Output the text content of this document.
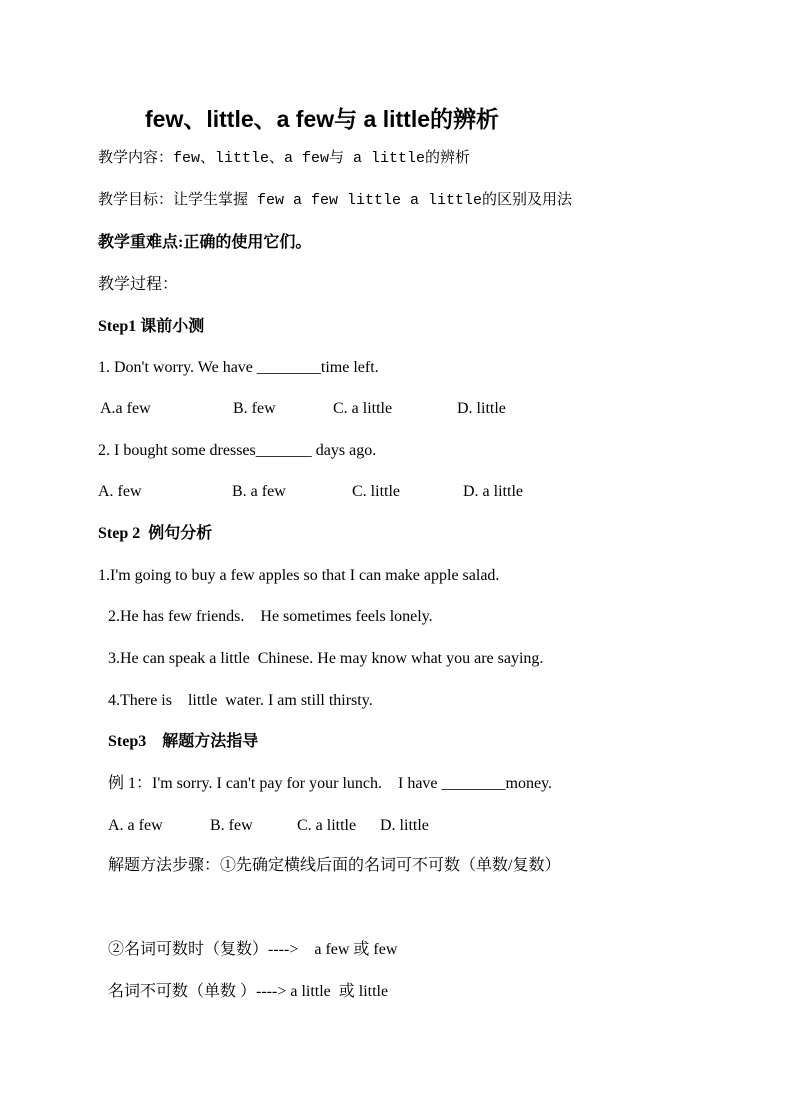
few、little、a few与 a little的辨析
教学内容：few、little、a few与 a little的辨析
教学目标：让学生掌握 few a few little a little的区别及用法
教学重难点:正确的使用它们。
教学过程：
Step1 课前小测
1. Don't worry. We have ________time left.
A.a few	B. few	C. a little	D. little
2. I bought some dresses_______ days ago.
A. few	B. a few	C. little	D. a little
Step 2  例句分析
1.I'm going to buy a few apples so that I can make apple salad.
2.He has few friends.    He sometimes feels lonely.
3.He can speak a little  Chinese. He may know what you are saying.
4.There is    little  water. I am still thirsty.
Step3    解题方法指导
例 1：I'm sorry. I can't pay for your lunch.    I have ________money.
A. a few	B. few	C. a little D. little
解题方法步骤：①先确定横线后面的名词可不可数（单数/复数）
②名词可数时（复数）---->    a few 或 few
名词不可数（单数 ）----> a little  或 little
